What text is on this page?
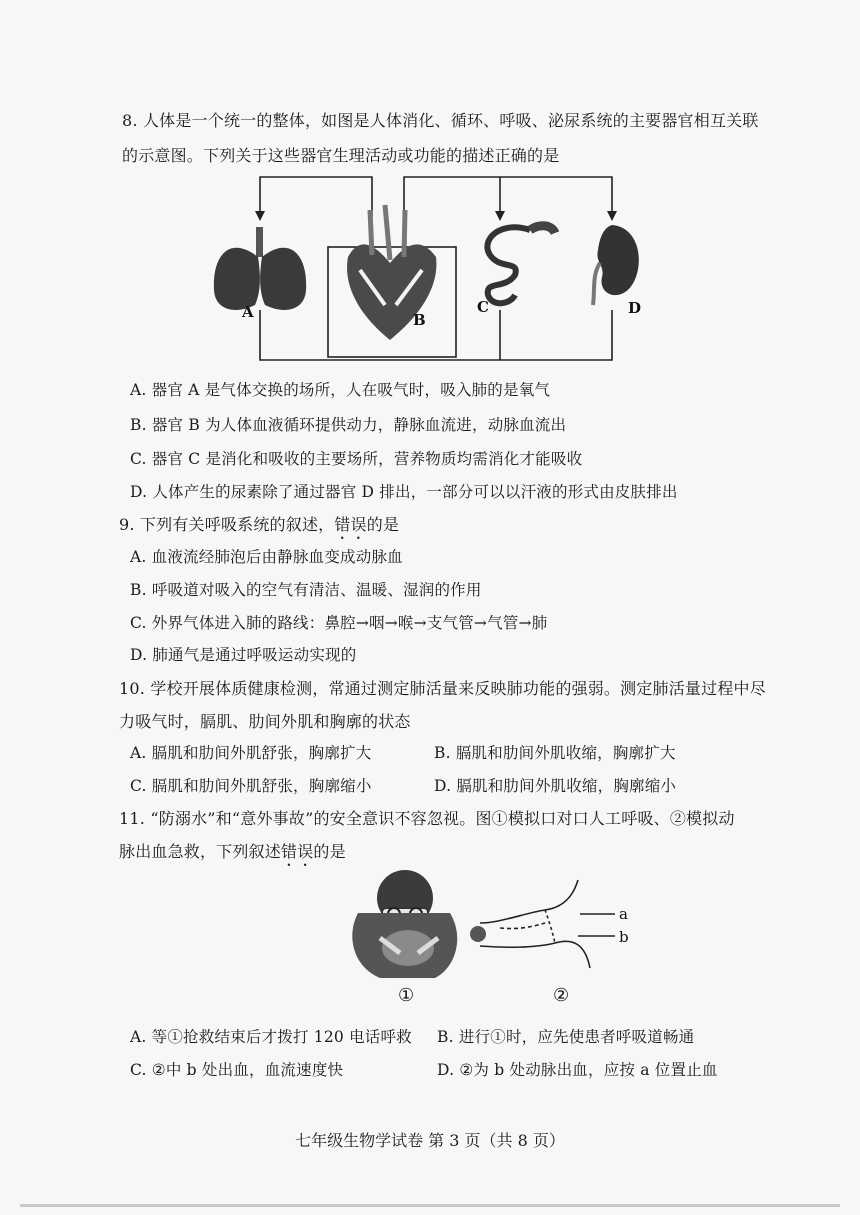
8. 人体是一个统一的整体，如图是人体消化、循环、呼吸、泌尿系统的主要器官相互关联
的示意图。下列关于这些器官生理活动或功能的描述正确的是
A	B
C	D
A. 器官 A 是气体交换的场所，人在吸气时，吸入肺的是氧气
B. 器官 B 为人体血液循环提供动力，静脉血流进，动脉血流出
C. 器官 C 是消化和吸收的主要场所，营养物质均需消化才能吸收
D. 人体产生的尿素除了通过器官 D 排出，一部分可以以汗液的形式由皮肤排出
9. 下列有关呼吸系统的叙述，错误的是
A. 血液流经肺泡后由静脉血变成动脉血
B. 呼吸道对吸入的空气有清洁、温暖、湿润的作用
C. 外界气体进入肺的路线：鼻腔→咽→喉→支气管→气管→肺
D. 肺通气是通过呼吸运动实现的
10. 学校开展体质健康检测，常通过测定肺活量来反映肺功能的强弱。测定肺活量过程中尽
力吸气时，膈肌、肋间外肌和胸廓的状态
A. 膈肌和肋间外肌舒张，胸廓扩大	B. 膈肌和肋间外肌收缩，胸廓扩大
C. 膈肌和肋间外肌舒张，胸廓缩小	D. 膈肌和肋间外肌收缩，胸廓缩小
11. “防溺水”和“意外事故”的安全意识不容忽视。图①模拟口对口人工呼吸、②模拟动
脉出血急救，下列叙述错误的是
a
b
①	②
A. 等①抢救结束后才拨打 120 电话呼救 B. 进行①时，应先使患者呼吸道畅通
C. ②中 b 处出血，血流速度快	D. ②为 b 处动脉出血，应按 a 位置止血
七年级生物学试卷 第 3 页（共 8 页）
